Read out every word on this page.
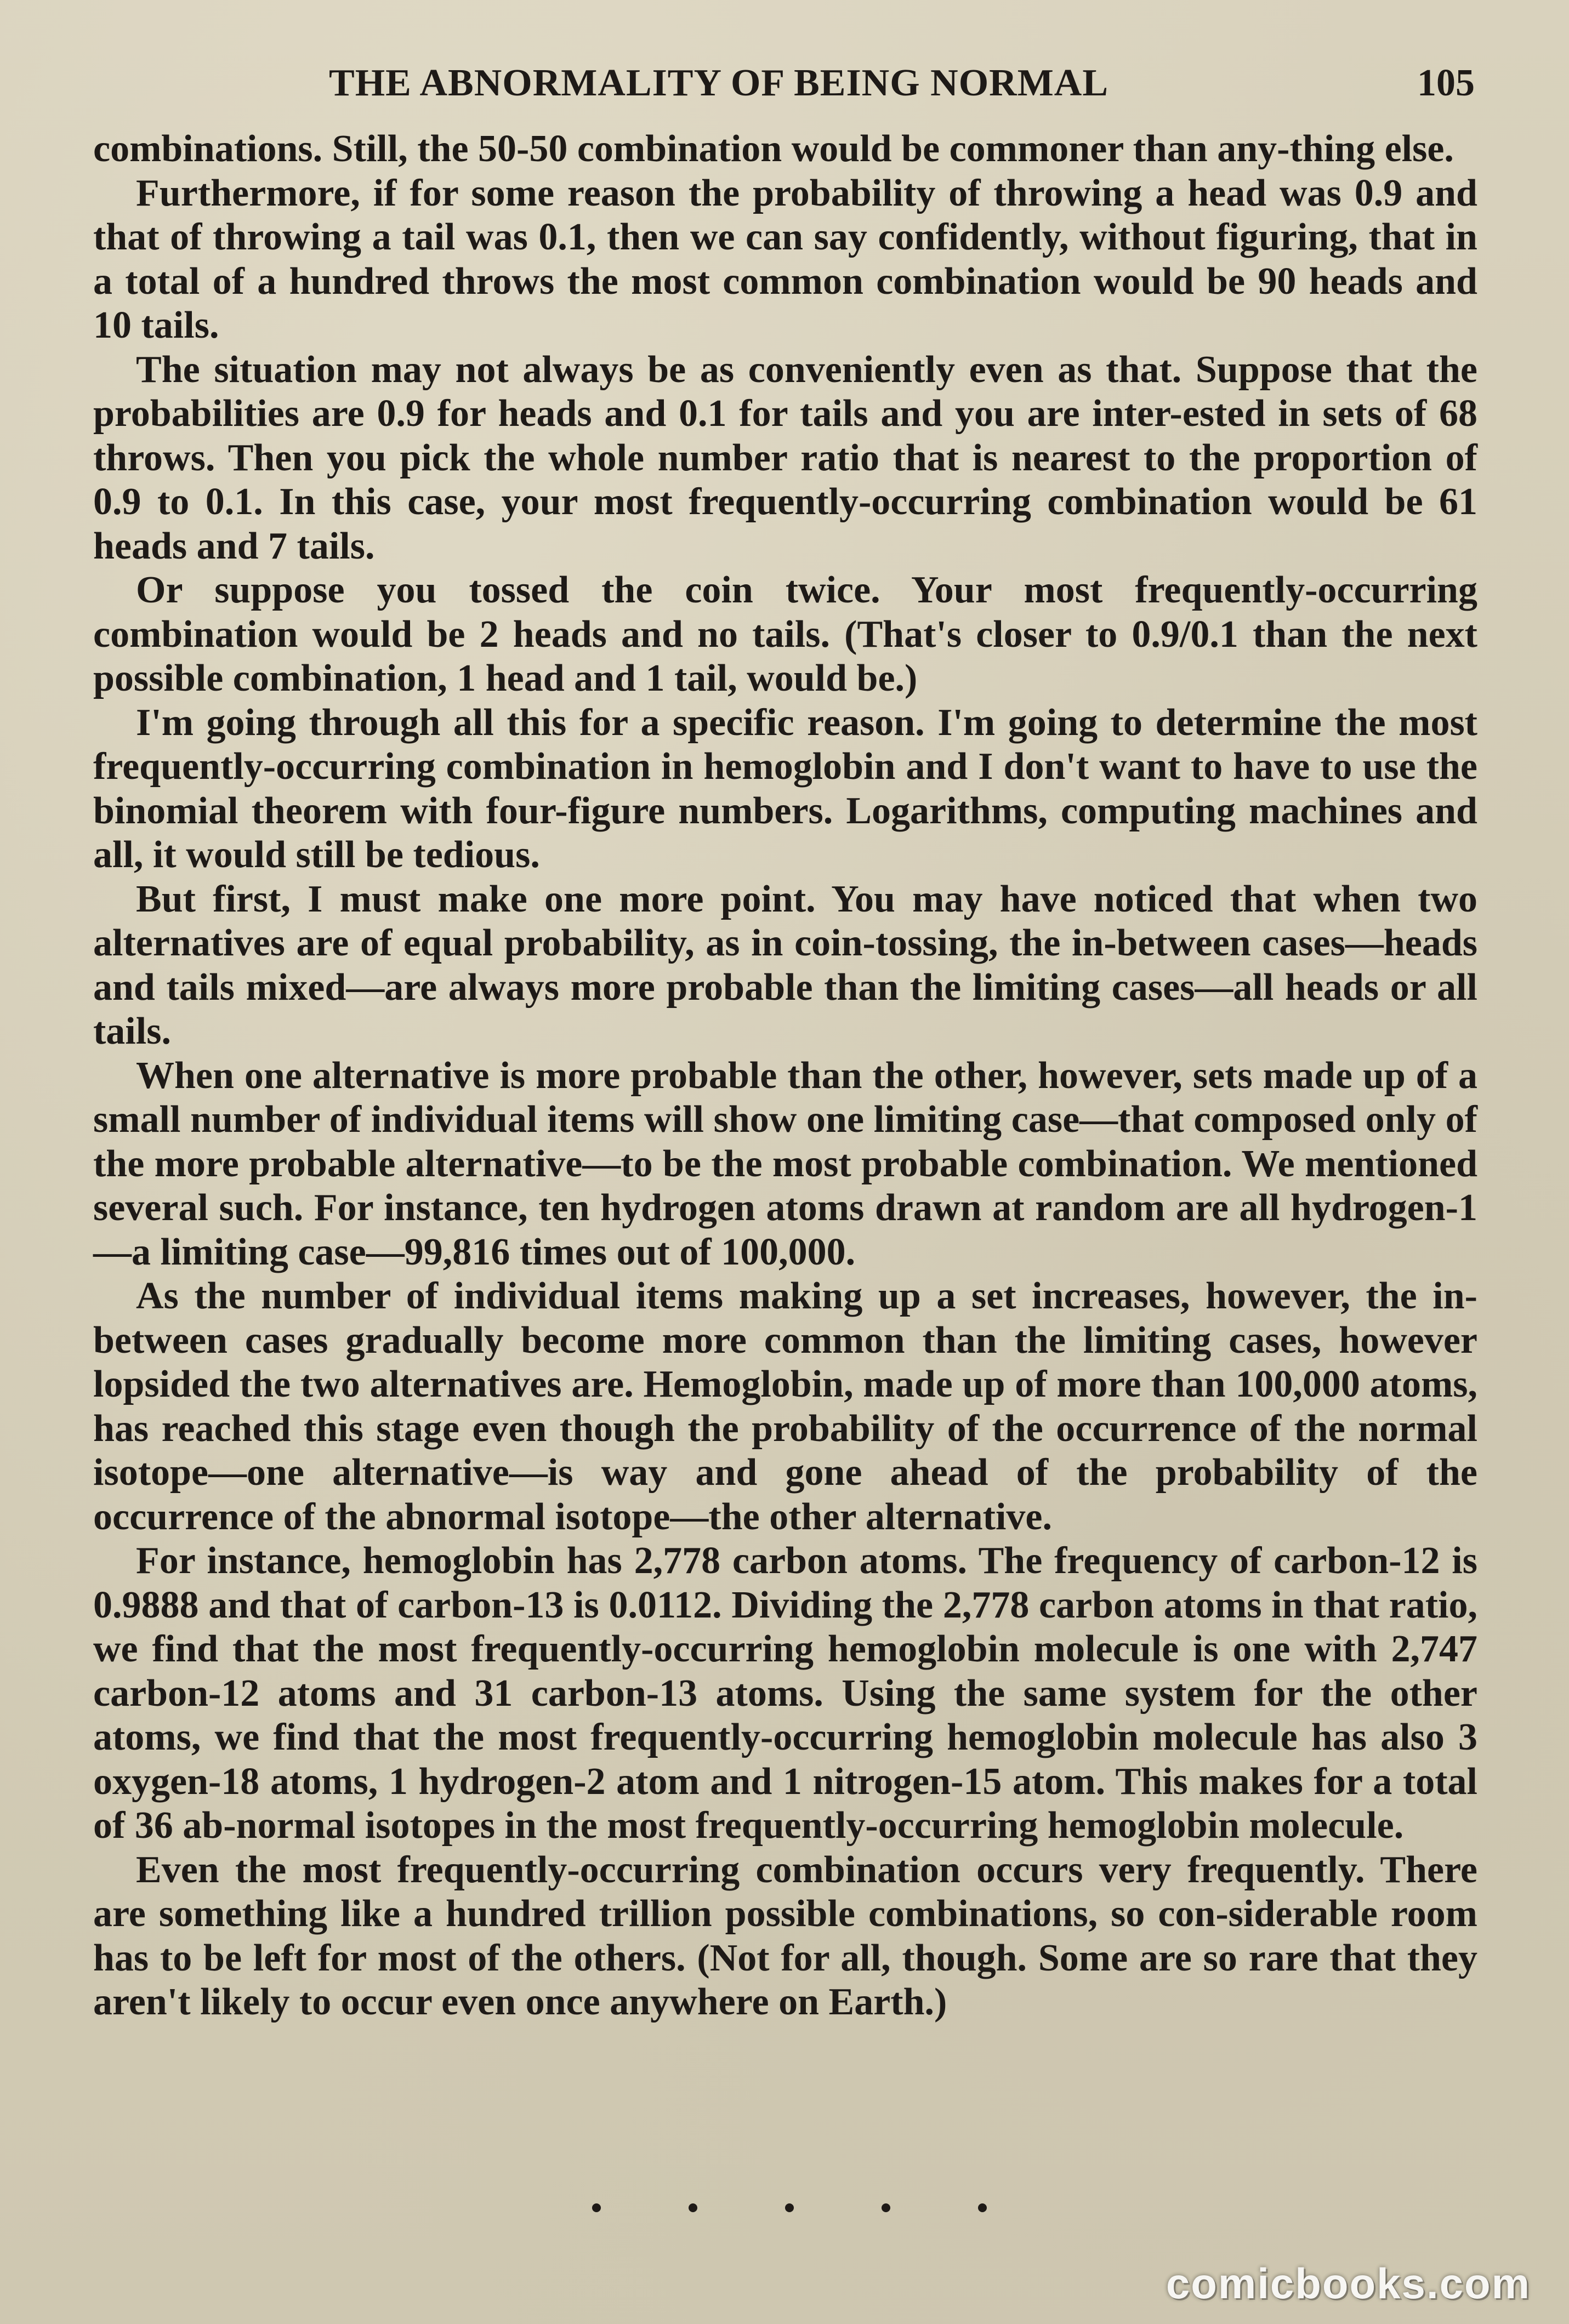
THE ABNORMALITY OF BEING NORMAL	105

combinations. Still, the 50-50 combination would be commoner than any-thing else.

Furthermore, if for some reason the probability of throwing a head was 0.9 and that of throwing a tail was 0.1, then we can say confidently, without figuring, that in a total of a hundred throws the most common combination would be 90 heads and 10 tails.

The situation may not always be as conveniently even as that. Suppose that the probabilities are 0.9 for heads and 0.1 for tails and you are inter-ested in sets of 68 throws. Then you pick the whole number ratio that is nearest to the proportion of 0.9 to 0.1. In this case, your most frequently-occurring combination would be 61 heads and 7 tails.

Or suppose you tossed the coin twice. Your most frequently-occurring combination would be 2 heads and no tails. (That's closer to 0.9/0.1 than the next possible combination, 1 head and 1 tail, would be.)

I'm going through all this for a specific reason. I'm going to determine the most frequently-occurring combination in hemoglobin and I don't want to have to use the binomial theorem with four-figure numbers. Logarithms, computing machines and all, it would still be tedious.

But first, I must make one more point. You may have noticed that when two alternatives are of equal probability, as in coin-tossing, the in-between cases—heads and tails mixed—are always more probable than the limiting cases—all heads or all tails.

When one alternative is more probable than the other, however, sets made up of a small number of individual items will show one limiting case—that composed only of the more probable alternative—to be the most probable combination. We mentioned several such. For instance, ten hydrogen atoms drawn at random are all hydrogen-1—a limiting case—99,816 times out of 100,000.

As the number of individual items making up a set increases, however, the in-between cases gradually become more common than the limiting cases, however lopsided the two alternatives are. Hemoglobin, made up of more than 100,000 atoms, has reached this stage even though the probability of the occurrence of the normal isotope—one alternative—is way and gone ahead of the probability of the occurrence of the abnormal isotope—the other alternative.

For instance, hemoglobin has 2,778 carbon atoms. The frequency of carbon-12 is 0.9888 and that of carbon-13 is 0.0112. Dividing the 2,778 carbon atoms in that ratio, we find that the most frequently-occurring hemoglobin molecule is one with 2,747 carbon-12 atoms and 31 carbon-13 atoms. Using the same system for the other atoms, we find that the most frequently-occurring hemoglobin molecule has also 3 oxygen-18 atoms, 1 hydrogen-2 atom and 1 nitrogen-15 atom. This makes for a total of 36 ab-normal isotopes in the most frequently-occurring hemoglobin molecule.

Even the most frequently-occurring combination occurs very frequently. There are something like a hundred trillion possible combinations, so con-siderable room has to be left for most of the others. (Not for all, though. Some are so rare that they aren't likely to occur even once anywhere on Earth.)

comicbooks.com
